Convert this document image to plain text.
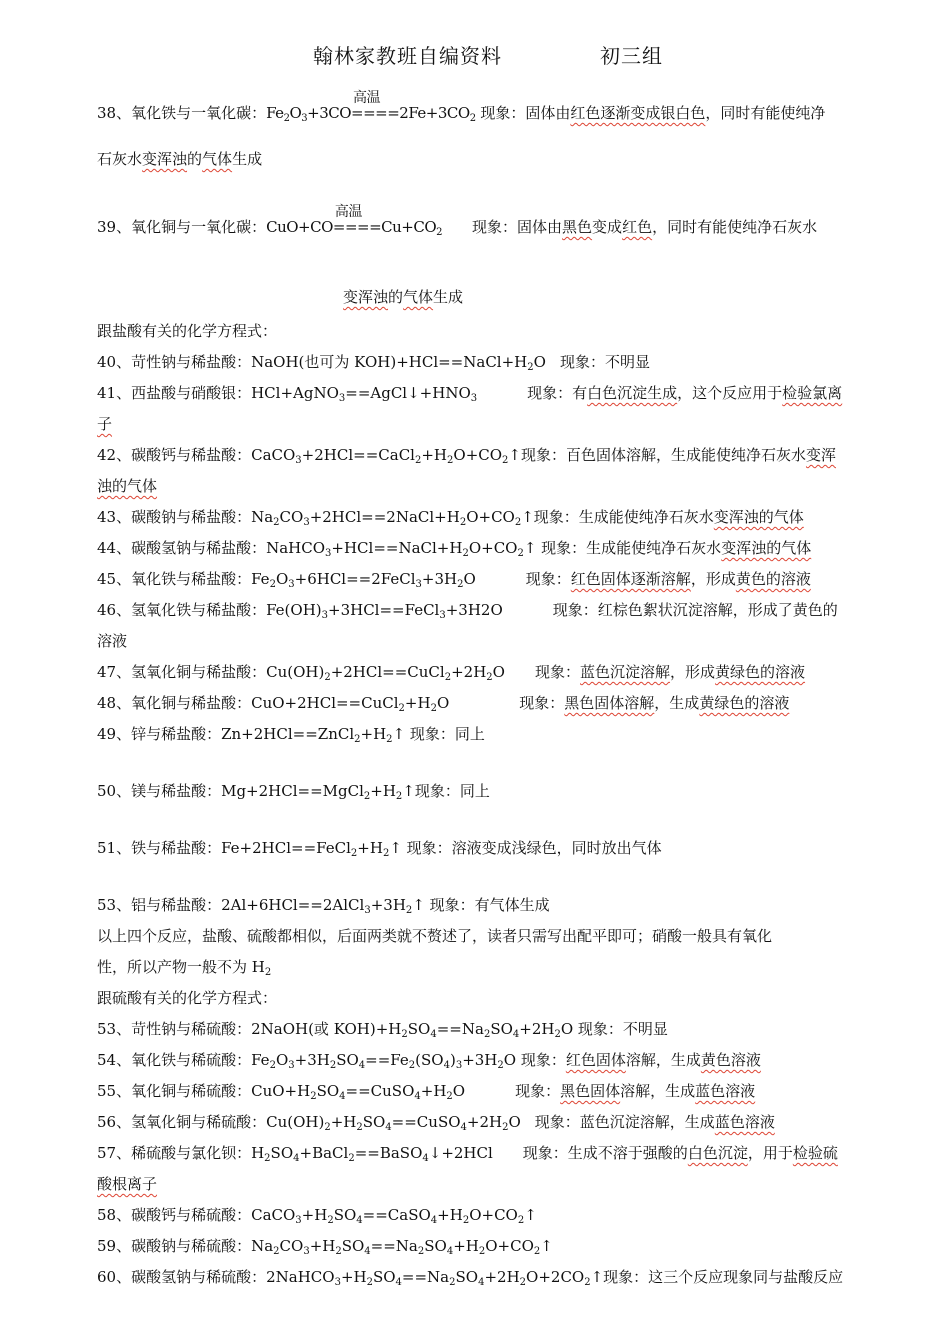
翰林家教班自编资料	初三组
38、氧化铁与一氧化碳：$Fe_2O_3+3CO$
高温
$====2Fe+3CO_2$ 现象：固体由红色逐渐变成银白色，同时有能使纯净
石灰水变浑浊的气体生成
39、氧化铜与一氧化碳：CuO+CO
高温
$====Cu+CO_2$ 现象：固体由黑色变成红色，同时有能使纯净石灰水
变浑浊的气体生成
跟盐酸有关的化学方程式：
40、苛性钠与稀盐酸：NaOH(也可为 $KOH)+HCl==NaCl+H_2O$ 现象：不明显
41、西盐酸与硝酸银：$HCl+AgNO_3==AgCl↓+HNO_3$	现象：有白色沉淀生成，这个反应用于检验氯离
子
42、碳酸钙与稀盐酸：$CaCO_3+2HCl==CaCl_2+H_2O+CO_2↑$现象：百色固体溶解，生成能使纯净石灰水变浑
浊的气体
43、碳酸钠与稀盐酸：$Na_2CO_3+2HCl==2NaCl+H_2O+CO_2↑$现象：生成能使纯净石灰水变浑浊的气体
44、碳酸氢钠与稀盐酸：$NaHCO_3+HCl==NaCl+H_2O+CO_2↑$ 现象：生成能使纯净石灰水变浑浊的气体
45、氧化铁与稀盐酸：$Fe_2O_3+6HCl==2FeCl_3+3H_2O$	现象：红色固体逐渐溶解，形成黄色的溶液
46、氢氧化铁与稀盐酸：$Fe(OH)_3+3HCl==FeCl_3+3H2O$	现象：红棕色絮状沉淀溶解，形成了黄色的
溶液
47、氢氧化铜与稀盐酸：$Cu(OH)_2+2HCl==CuCl_2+2H_2O$ 现象：蓝色沉淀溶解，形成黄绿色的溶液
48、氧化铜与稀盐酸：$CuO+2HCl==CuCl_2+H_2O$	现象：黑色固体溶解，生成黄绿色的溶液
49、锌与稀盐酸：$Zn+2HCl==ZnCl_2+H_2↑$ 现象：同上
50、镁与稀盐酸：$Mg+2HCl==MgCl_2+H_2↑$现象：同上
51、铁与稀盐酸：$Fe+2HCl==FeCl_2+H_2↑$ 现象：溶液变成浅绿色，同时放出气体
53、铝与稀盐酸：$2Al+6HCl==2AlCl_3+3H_2↑$ 现象：有气体生成
以上四个反应，盐酸、硫酸都相似，后面两类就不赘述了，读者只需写出配平即可；硝酸一般具有氧化
性，所以产物一般不为 $H_2$
跟硫酸有关的化学方程式：
53、苛性钠与稀硫酸：2NaOH(或 $KOH)+H_2SO_4==Na_2SO_4+2H_2O$ 现象：不明显
54、氧化铁与稀硫酸：$Fe_2O_3+3H_2SO_4==Fe_2(SO_4)_3+3H_2O$ 现象：红色固体溶解，生成黄色溶液
55、氧化铜与稀硫酸：$CuO+H_2SO_4==CuSO_4+H_2O$	现象：黑色固体溶解，生成蓝色溶液
56、氢氧化铜与稀硫酸：$Cu(OH)_2+H_2SO_4==CuSO_4+2H_2O$ 现象：蓝色沉淀溶解，生成蓝色溶液
57、稀硫酸与氯化钡：$H_2SO_4+BaCl_2==BaSO_4↓+2HCl$ 现象：生成不溶于强酸的白色沉淀，用于检验硫
酸根离子
58、碳酸钙与稀硫酸：$CaCO_3+H_2SO_4==CaSO_4+H_2O+CO_2↑$
59、碳酸钠与稀硫酸：$Na_2CO_3+H_2SO_4==Na_2SO_4+H_2O+CO_2↑$
60、碳酸氢钠与稀硫酸：$2NaHCO_3+H_2SO_4==Na_2SO_4+2H_2O+2CO_2↑$现象：这三个反应现象同与盐酸反应
